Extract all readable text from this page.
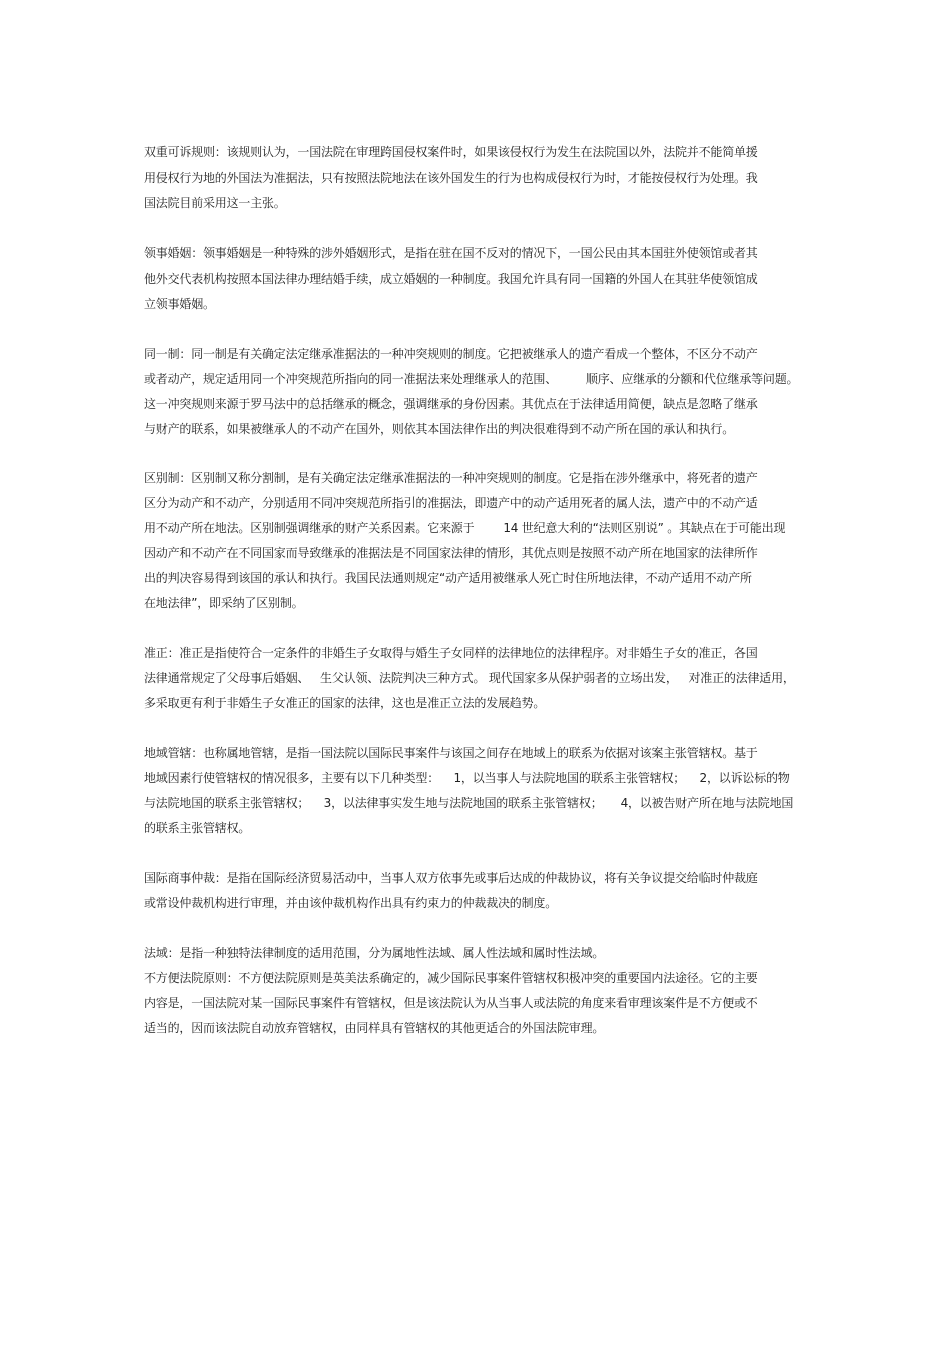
双重可诉规则：该规则认为，一国法院在审理跨国侵权案件时，如果该侵权行为发生在法院国以外，法院并不能简单援
用侵权行为地的外国法为准据法，只有按照法院地法在该外国发生的行为也构成侵权行为时，才能按侵权行为处理。我
国法院目前采用这一主张。
领事婚姻：领事婚姻是一种特殊的涉外婚姻形式，是指在驻在国不反对的情况下，一国公民由其本国驻外使领馆或者其
他外交代表机构按照本国法律办理结婚手续，成立婚姻的一种制度。我国允许具有同一国籍的外国人在其驻华使领馆成
立领事婚姻。
同一制：同一制是有关确定法定继承准据法的一种冲突规则的制度。它把被继承人的遗产看成一个整体，不区分不动产
或者动产，规定适用同一个冲突规范所指向的同一准据法来处理继承人的范围、        顺序、应继承的分额和代位继承等问题。
这一冲突规则来源于罗马法中的总括继承的概念，强调继承的身份因素。其优点在于法律适用简便，缺点是忽略了继承
与财产的联系，如果被继承人的不动产在国外，则依其本国法律作出的判决很难得到不动产所在国的承认和执行。
区别制：区别制又称分割制，是有关确定法定继承准据法的一种冲突规则的制度。它是指在涉外继承中，将死者的遗产
区分为动产和不动产，分别适用不同冲突规范所指引的准据法，即遗产中的动产适用死者的属人法，遗产中的不动产适
用不动产所在地法。区别制强调继承的财产关系因素。它来源于        14 世纪意大利的“法则区别说” 。其缺点在于可能出现
因动产和不动产在不同国家而导致继承的准据法是不同国家法律的情形，其优点则是按照不动产所在地国家的法律所作
出的判决容易得到该国的承认和执行。我国民法通则规定“动产适用被继承人死亡时住所地法律，不动产适用不动产所
在地法律”，即采纳了区别制。
准正：准正是指使符合一定条件的非婚生子女取得与婚生子女同样的法律地位的法律程序。对非婚生子女的准正，各国
法律通常规定了父母事后婚姻、   生父认领、法院判决三种方式。 现代国家多从保护弱者的立场出发，   对准正的法律适用，
多采取更有利于非婚生子女准正的国家的法律，这也是准正立法的发展趋势。
地域管辖：也称属地管辖，是指一国法院以国际民事案件与该国之间存在地域上的联系为依据对该案主张管辖权。基于
地域因素行使管辖权的情况很多，主要有以下几种类型：    1，以当事人与法院地国的联系主张管辖权；    2，以诉讼标的物
与法院地国的联系主张管辖权；    3，以法律事实发生地与法院地国的联系主张管辖权；     4，以被告财产所在地与法院地国
的联系主张管辖权。
国际商事仲裁：是指在国际经济贸易活动中，当事人双方依事先或事后达成的仲裁协议，将有关争议提交给临时仲裁庭
或常设仲裁机构进行审理，并由该仲裁机构作出具有约束力的仲裁裁决的制度。
法域：是指一种独特法律制度的适用范围，分为属地性法域、属人性法域和属时性法域。
不方便法院原则：不方便法院原则是英美法系确定的，减少国际民事案件管辖权积极冲突的重要国内法途径。它的主要
内容是，一国法院对某一国际民事案件有管辖权，但是该法院认为从当事人或法院的角度来看审理该案件是不方便或不
适当的，因而该法院自动放弃管辖权，由同样具有管辖权的其他更适合的外国法院审理。
